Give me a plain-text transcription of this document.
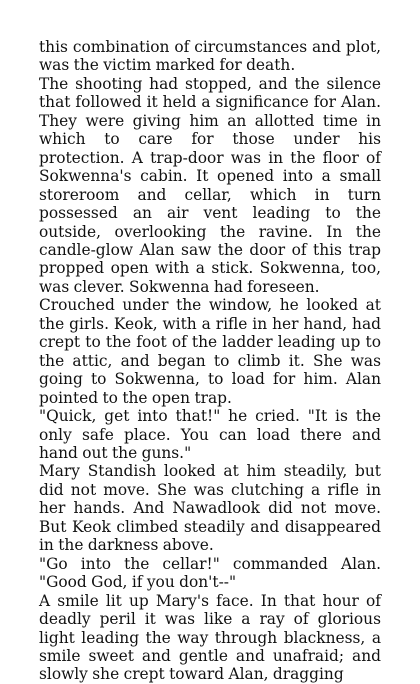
this combination of circumstances and plot, was the victim marked for death.

The shooting had stopped, and the silence that followed it held a significance for Alan. They were giving him an allotted time in which to care for those under his protection. A trap-door was in the floor of Sokwenna's cabin. It opened into a small storeroom and cellar, which in turn possessed an air vent leading to the outside, overlooking the ravine. In the candle-glow Alan saw the door of this trap propped open with a stick. Sokwenna, too, was clever. Sokwenna had foreseen.

Crouched under the window, he looked at the girls. Keok, with a rifle in her hand, had crept to the foot of the ladder leading up to the attic, and began to climb it. She was going to Sokwenna, to load for him. Alan pointed to the open trap.

"Quick, get into that!" he cried. "It is the only safe place. You can load there and hand out the guns."

Mary Standish looked at him steadily, but did not move. She was clutching a rifle in her hands. And Nawadlook did not move. But Keok climbed steadily and disappeared in the darkness above.

"Go into the cellar!" commanded Alan. "Good God, if you don't--"

A smile lit up Mary's face. In that hour of deadly peril it was like a ray of glorious light leading the way through blackness, a smile sweet and gentle and unafraid; and slowly she crept toward Alan, dragging
